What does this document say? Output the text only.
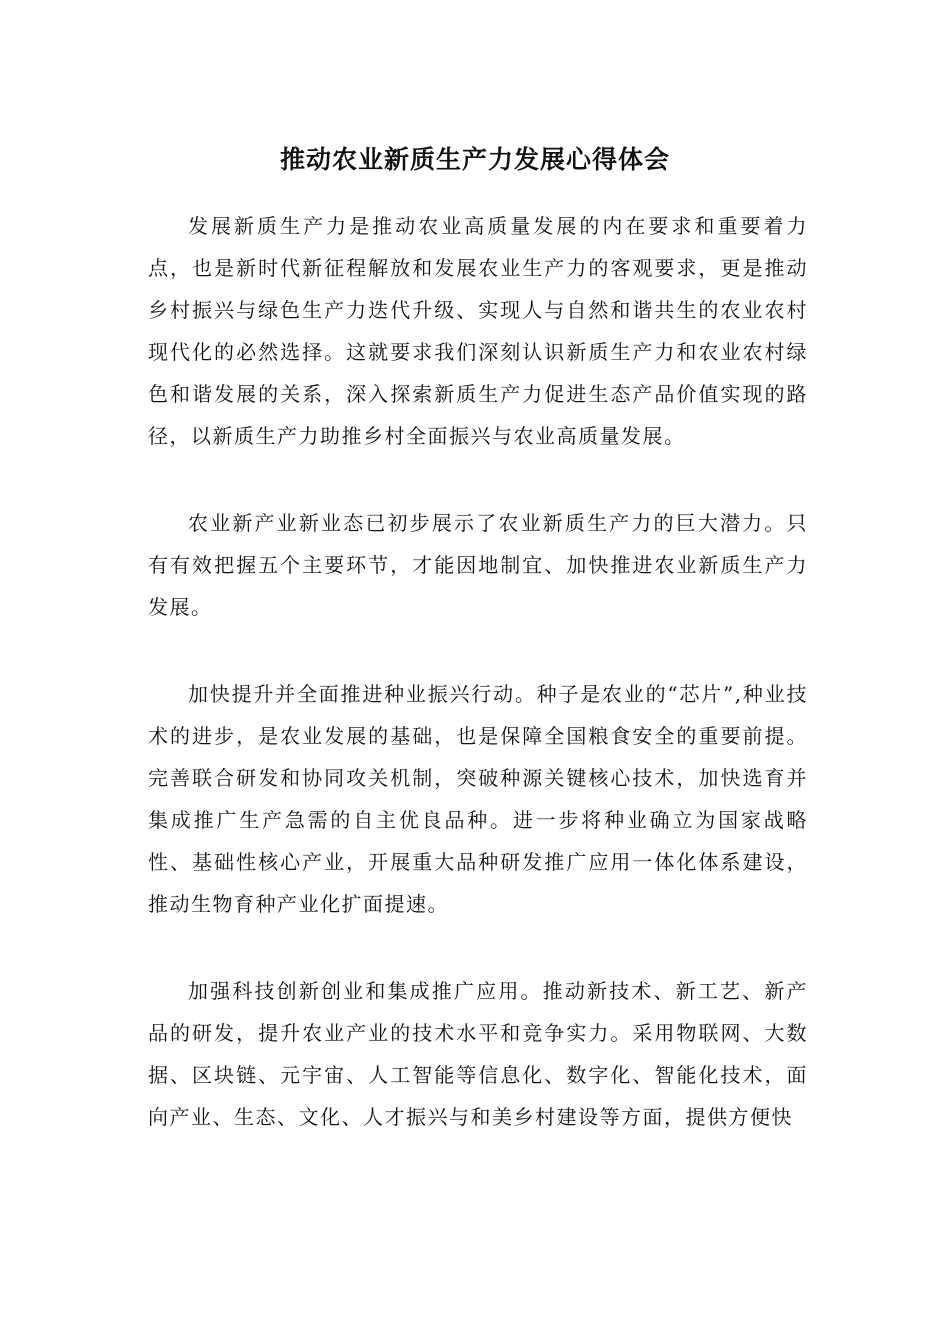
推动农业新质生产力发展心得体会

发展新质生产力是推动农业高质量发展的内在要求和重要着力点，也是新时代新征程解放和发展农业生产力的客观要求，更是推动乡村振兴与绿色生产力迭代升级、实现人与自然和谐共生的农业农村现代化的必然选择。这就要求我们深刻认识新质生产力和农业农村绿色和谐发展的关系，深入探索新质生产力促进生态产品价值实现的路径，以新质生产力助推乡村全面振兴与农业高质量发展。

农业新产业新业态已初步展示了农业新质生产力的巨大潜力。只有有效把握五个主要环节，才能因地制宜、加快推进农业新质生产力发展。

加快提升并全面推进种业振兴行动。种子是农业的“芯片”,种业技术的进步，是农业发展的基础，也是保障全国粮食安全的重要前提。完善联合研发和协同攻关机制，突破种源关键核心技术，加快选育并集成推广生产急需的自主优良品种。进一步将种业确立为国家战略性、基础性核心产业，开展重大品种研发推广应用一体化体系建设，推动生物育种产业化扩面提速。

加强科技创新创业和集成推广应用。推动新技术、新工艺、新产品的研发，提升农业产业的技术水平和竞争实力。采用物联网、大数据、区块链、元宇宙、人工智能等信息化、数字化、智能化技术，面向产业、生态、文化、人才振兴与和美乡村建设等方面，提供方便快
